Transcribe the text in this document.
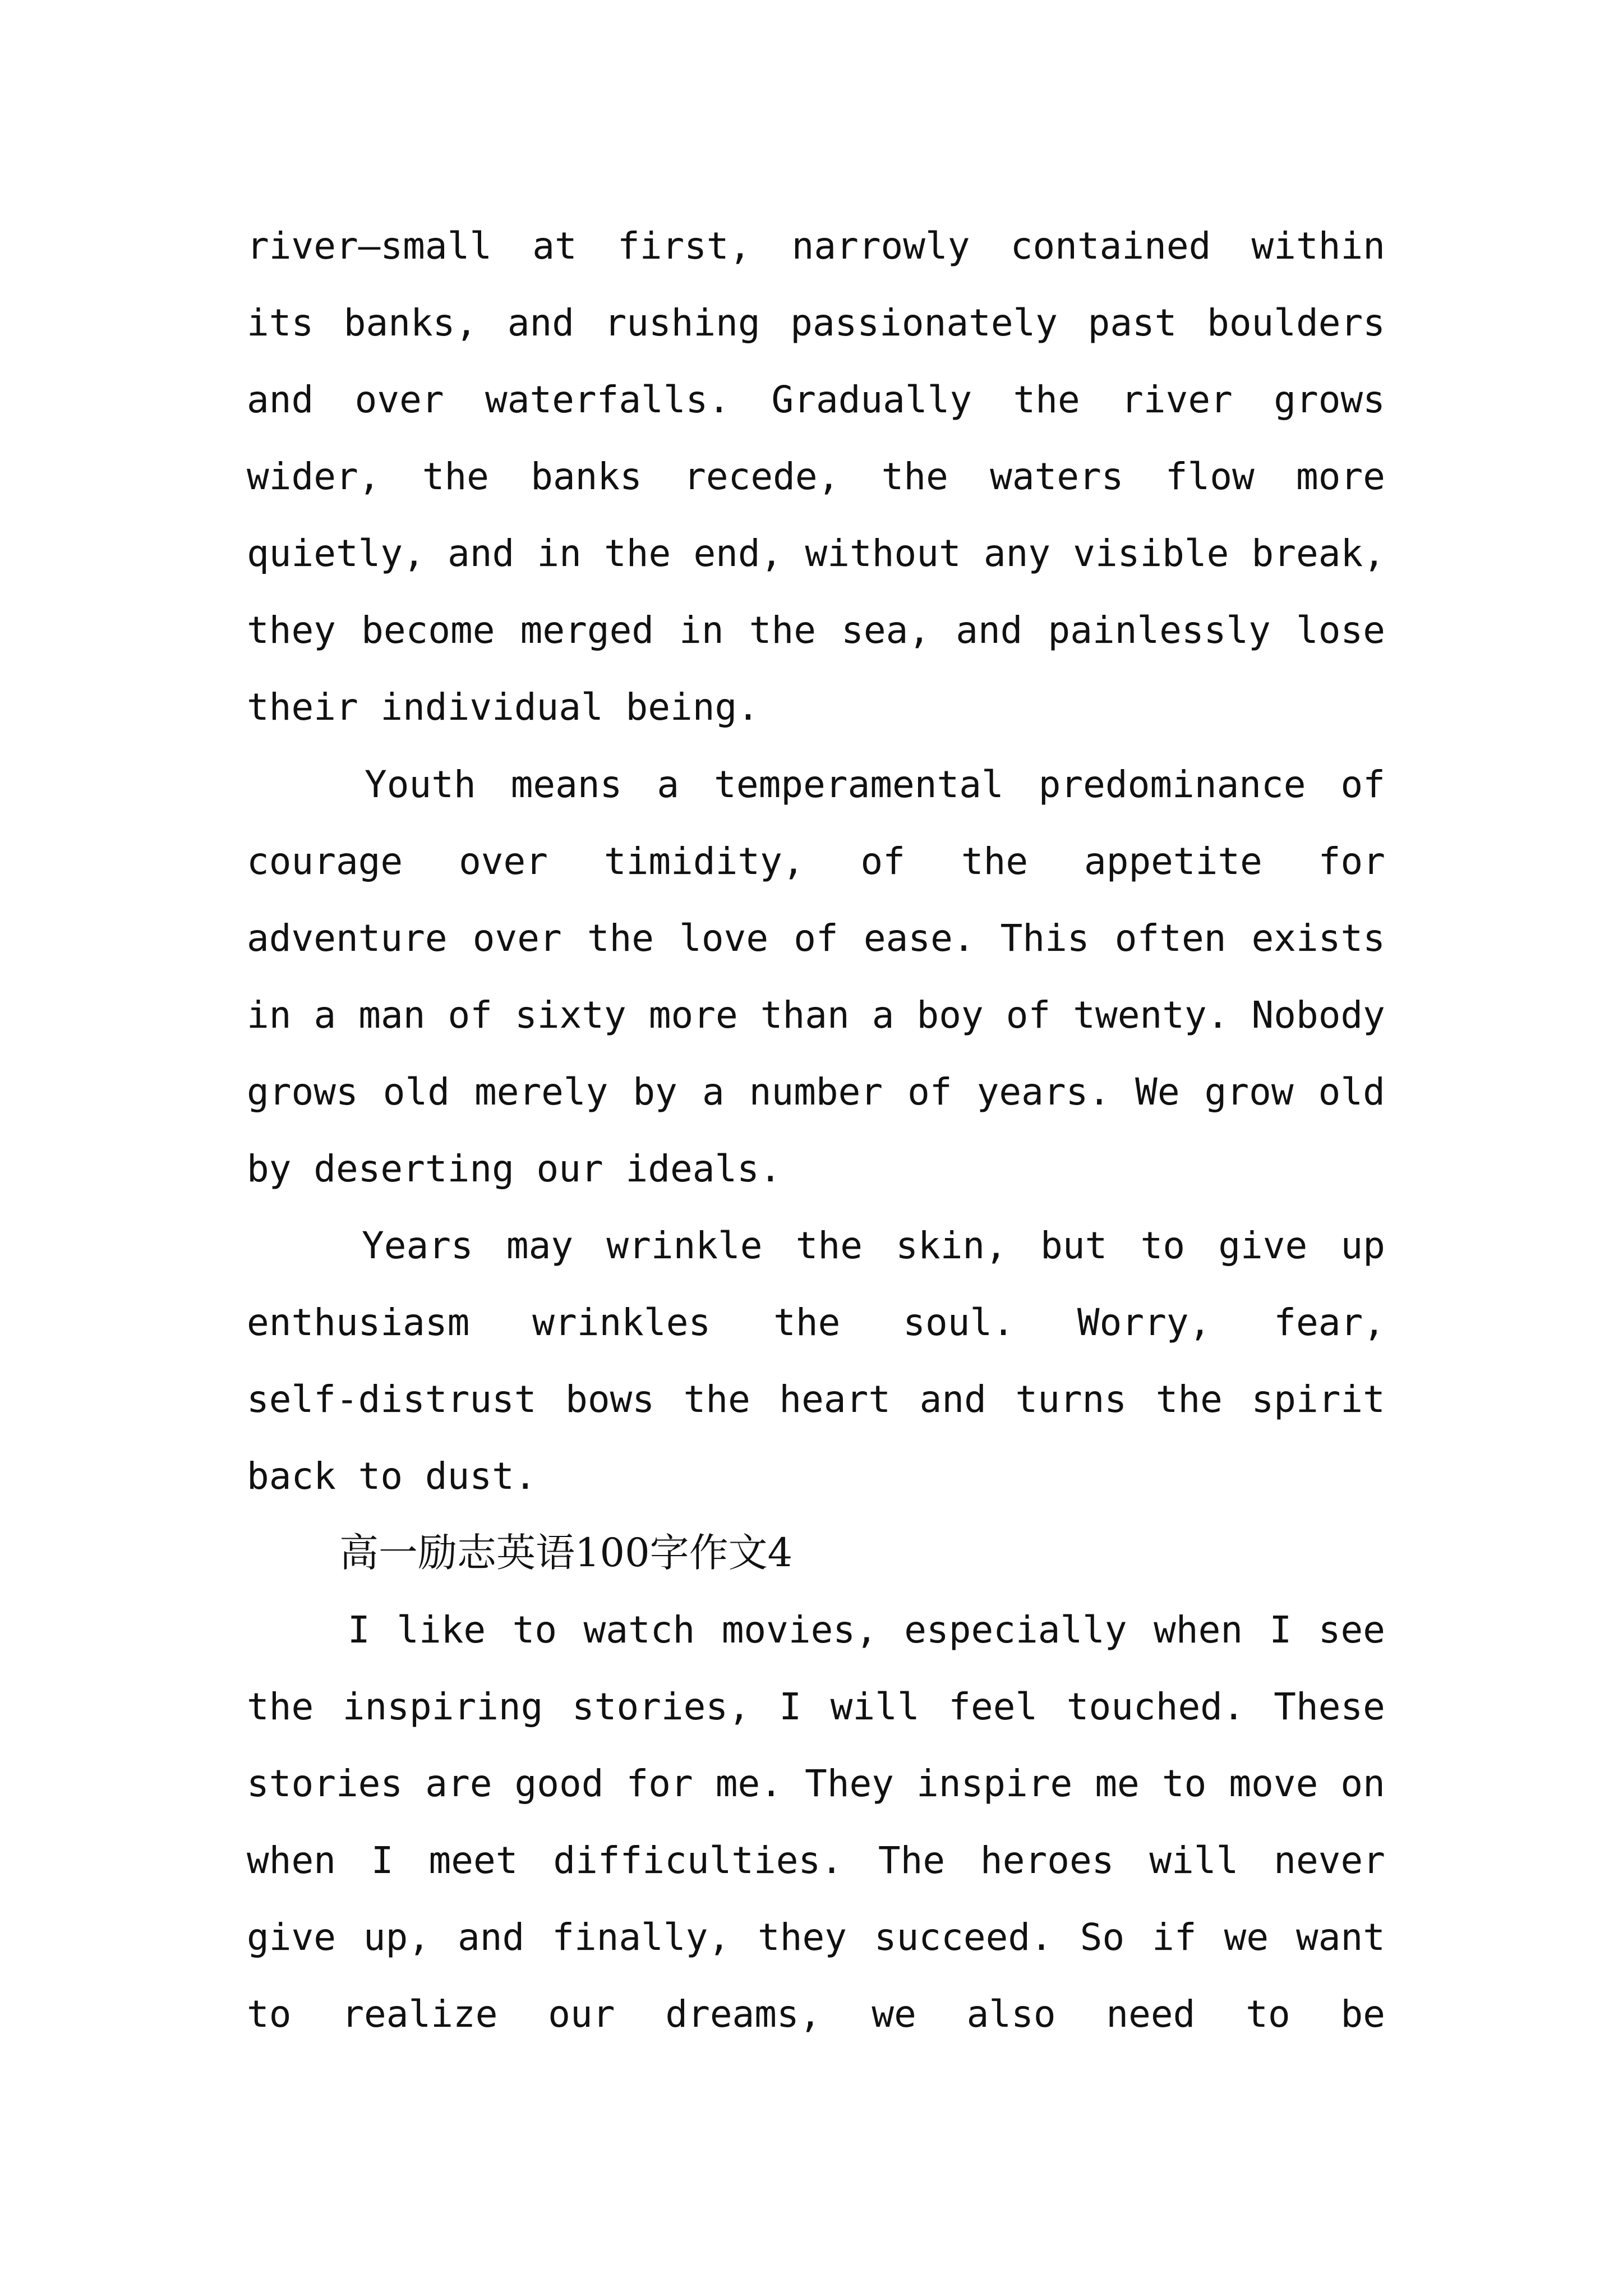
river—small at first, narrowly contained within
its banks, and rushing passionately past boulders
and over waterfalls. Gradually the river grows
wider, the banks recede, the waters flow more
quietly, and in the end, without any visible break,
they become merged in the sea, and painlessly lose
their individual being.
Youth means a temperamental predominance of
courage over timidity, of the appetite for
adventure over the love of ease. This often exists
in a man of sixty more than a boy of twenty. Nobody
grows old merely by a number of years. We grow old
by deserting our ideals.
Years may wrinkle the skin, but to give up
enthusiasm wrinkles the soul. Worry, fear,
self-distrust bows the heart and turns the spirit
back to dust.
高一励志英语100字作文4
I like to watch movies, especially when I see
the inspiring stories, I will feel touched. These
stories are good for me. They inspire me to move on
when I meet difficulties. The heroes will never
give up, and finally, they succeed. So if we want
to realize our dreams, we also need to be
